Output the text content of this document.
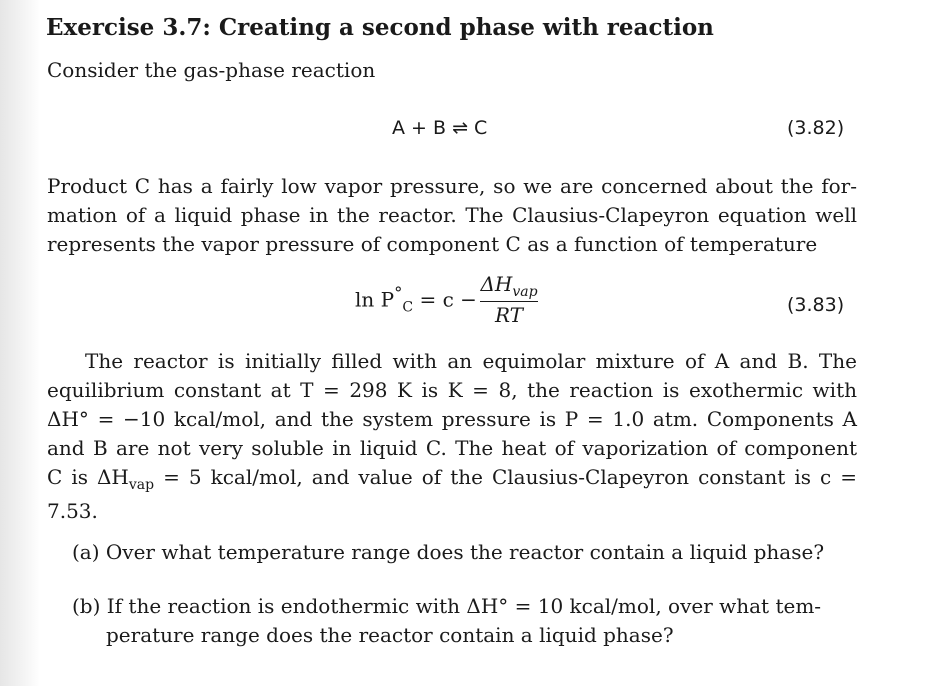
Exercise 3.7: Creating a second phase with reaction
Consider the gas-phase reaction
A + B ⇌ C	(3.82)
Product C has a fairly low vapor pressure, so we are concerned about the for-
mation of a liquid phase in the reactor. The Clausius-Clapeyron equation well
represents the vapor pressure of component C as a function of temperature
$\ln P^\circ_C = c$ −
$\Delta H_{vap}$
RT	(3.83)
The reactor is initially filled with an equimolar mixture of A and B. The
equilibrium constant at T = 298 K is K = 8, the reaction is exothermic with
ΔH° = −10 kcal/mol, and the system pressure is P = 1.0 atm. Components A
and B are not very soluble in liquid C. The heat of vaporization of component
C is $\Delta H_{vap} = 5$ kcal/mol, and value of the Clausius-Clapeyron constant is c =
7.53.
(a) Over what temperature range does the reactor contain a liquid phase?
(b) If the reaction is endothermic with ΔH° = 10 kcal/mol, over what tem-
perature range does the reactor contain a liquid phase?
